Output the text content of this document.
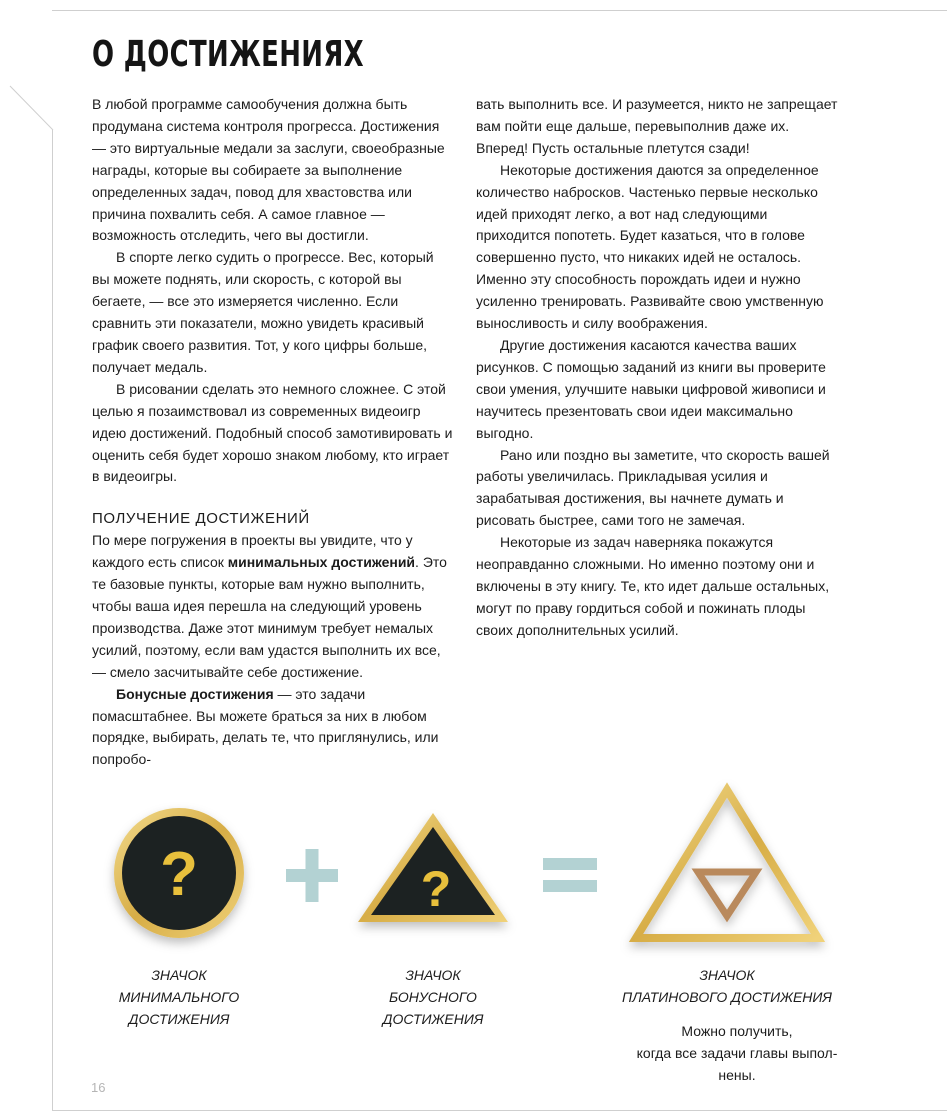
О ДОСТИЖЕНИЯХ

В любой программе самообучения должна быть продумана система контроля прогресса. Достижения — это виртуальные медали за заслуги, своеобразные награды, которые вы собираете за выполнение определенных задач, повод для хвастовства или причина похвалить себя. А самое главное — возможность отследить, чего вы достигли.

В спорте легко судить о прогрессе. Вес, который вы можете поднять, или скорость, с которой вы бегаете, — все это измеряется численно. Если сравнить эти показатели, можно увидеть красивый график своего развития. Тот, у кого цифры больше, получает медаль.

В рисовании сделать это немного сложнее. С этой целью я позаимствовал из современных видеоигр идею достижений. Подобный способ замотивировать и оценить себя будет хорошо знаком любому, кто играет в видеоигры.

ПОЛУЧЕНИЕ ДОСТИЖЕНИЙ

По мере погружения в проекты вы увидите, что у каждого есть список минимальных достижений. Это те базовые пункты, которые вам нужно выполнить, чтобы ваша идея перешла на следующий уровень производства. Даже этот минимум требует немалых усилий, поэтому, если вам удастся выполнить их все, — смело засчитывайте себе достижение.

Бонусные достижения — это задачи помасштабнее. Вы можете браться за них в любом порядке, выбирать, делать те, что приглянулись, или попробо-

вать выполнить все. И разумеется, никто не запрещает вам пойти еще дальше, перевыполнив даже их. Вперед! Пусть остальные плетутся сзади!

Некоторые достижения даются за определенное количество набросков. Частенько первые несколько идей приходят легко, а вот над следующими приходится попотеть. Будет казаться, что в голове совершенно пусто, что никаких идей не осталось. Именно эту способность порождать идеи и нужно усиленно тренировать. Развивайте свою умственную выносливость и силу воображения.

Другие достижения касаются качества ваших рисунков. С помощью заданий из книги вы проверите свои умения, улучшите навыки цифровой живописи и научитесь презентовать свои идеи максимально выгодно.

Рано или поздно вы заметите, что скорость вашей работы увеличилась. Прикладывая усилия и зарабатывая достижения, вы начнете думать и рисовать быстрее, сами того не замечая.

Некоторые из задач наверняка покажутся неоправданно сложными. Но именно поэтому они и включены в эту книгу. Те, кто идет дальше остальных, могут по праву гордиться собой и пожинать плоды своих дополнительных усилий.

?	?
ЗНАЧОК
МИНИМАЛЬНОГО
ДОСТИЖЕНИЯ
ЗНАЧОК
БОНУСНОГО
ДОСТИЖЕНИЯ
ЗНАЧОК
ПЛАТИНОВОГО ДОСТИЖЕНИЯ
Можно получить,
когда все задачи главы выпол-
нены.
16
